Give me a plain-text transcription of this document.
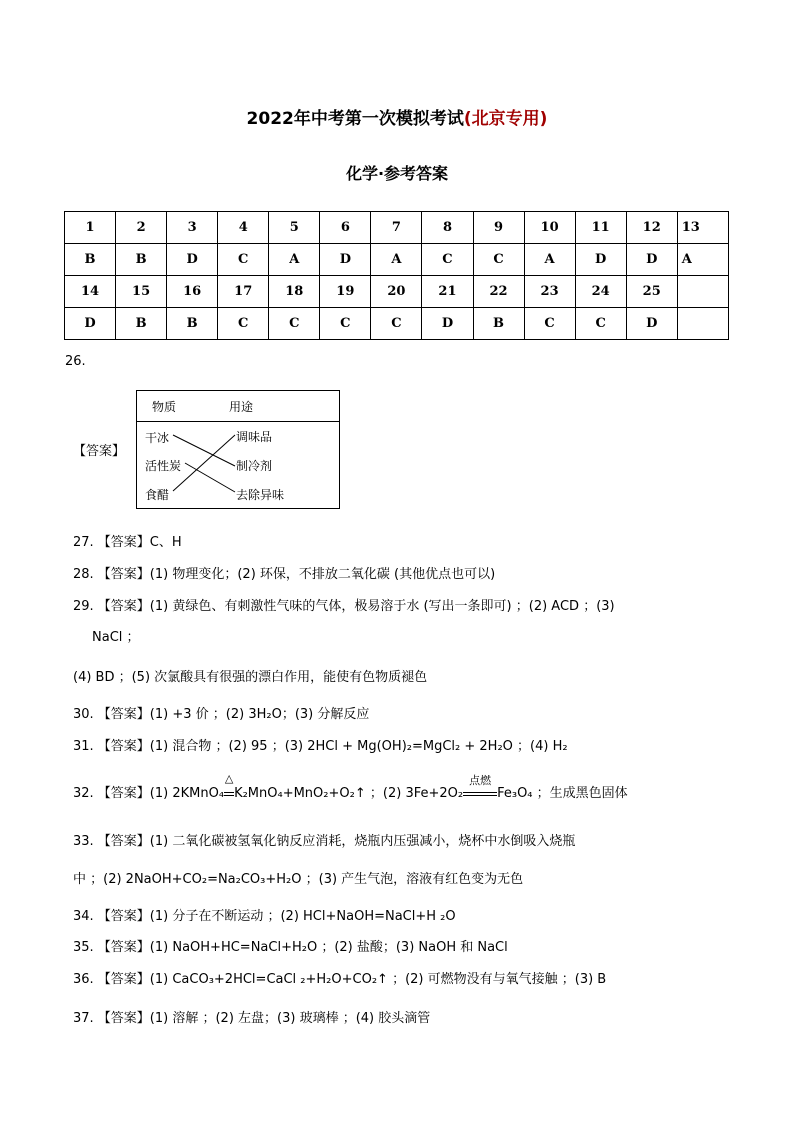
2022年中考第一次模拟考试(北京专用)
化学·参考答案
1	2	3	4	5	6	7	8	9	10	11	12	13
B	B	D	C	A	D	A	C	C	A	D	D	A
14	15	16	17	18	19	20	21	22	23	24	25	
D	B	B	C	C	C	C	D	B	C	C	D	
26.
【答案】
物质	用途
干冰
活性炭
食醋
调味品
制冷剂
去除异味
27. 【答案】C、H
28. 【答案】(1) 物理变化；(2) 环保，不排放二氧化碳 (其他优点也可以)
29. 【答案】(1) 黄绿色、有刺激性气味的气体，极易溶于水 (写出一条即可) ；(2) ACD ；(3)
NaCl ；
(4) BD ；(5) 次氯酸具有很强的漂白作用，能使有色物质褪色
30. 【答案】(1) +3 价 ；(2) 3H₂O；(3) 分解反应
31. 【答案】(1) 混合物 ；(2) 95 ；(3) 2HCl + Mg(OH)₂=MgCl₂ + 2H₂O ；(4) H₂
32. 【答案】(1) 2KMnO₄
△
K₂MnO₄+MnO₂+O₂↑ ；(2) 3Fe+2O₂
点燃
Fe₃O₄ ；生成黑色固体
33. 【答案】(1) 二氧化碳被氢氧化钠反应消耗，烧瓶内压强减小，烧杯中水倒吸入烧瓶
中 ；(2) 2NaOH+CO₂=Na₂CO₃+H₂O ；(3) 产生气泡，溶液有红色变为无色
34. 【答案】(1) 分子在不断运动 ；(2) HCl+NaOH=NaCl+H ₂O
35. 【答案】(1) NaOH+HC=NaCl+H₂O ；(2) 盐酸；(3) NaOH 和 NaCl
36. 【答案】(1) CaCO₃+2HCl=CaCl ₂+H₂O+CO₂↑ ；(2) 可燃物没有与氧气接触 ；(3) B
37. 【答案】(1) 溶解 ；(2) 左盘；(3) 玻璃棒 ；(4) 胶头滴管
